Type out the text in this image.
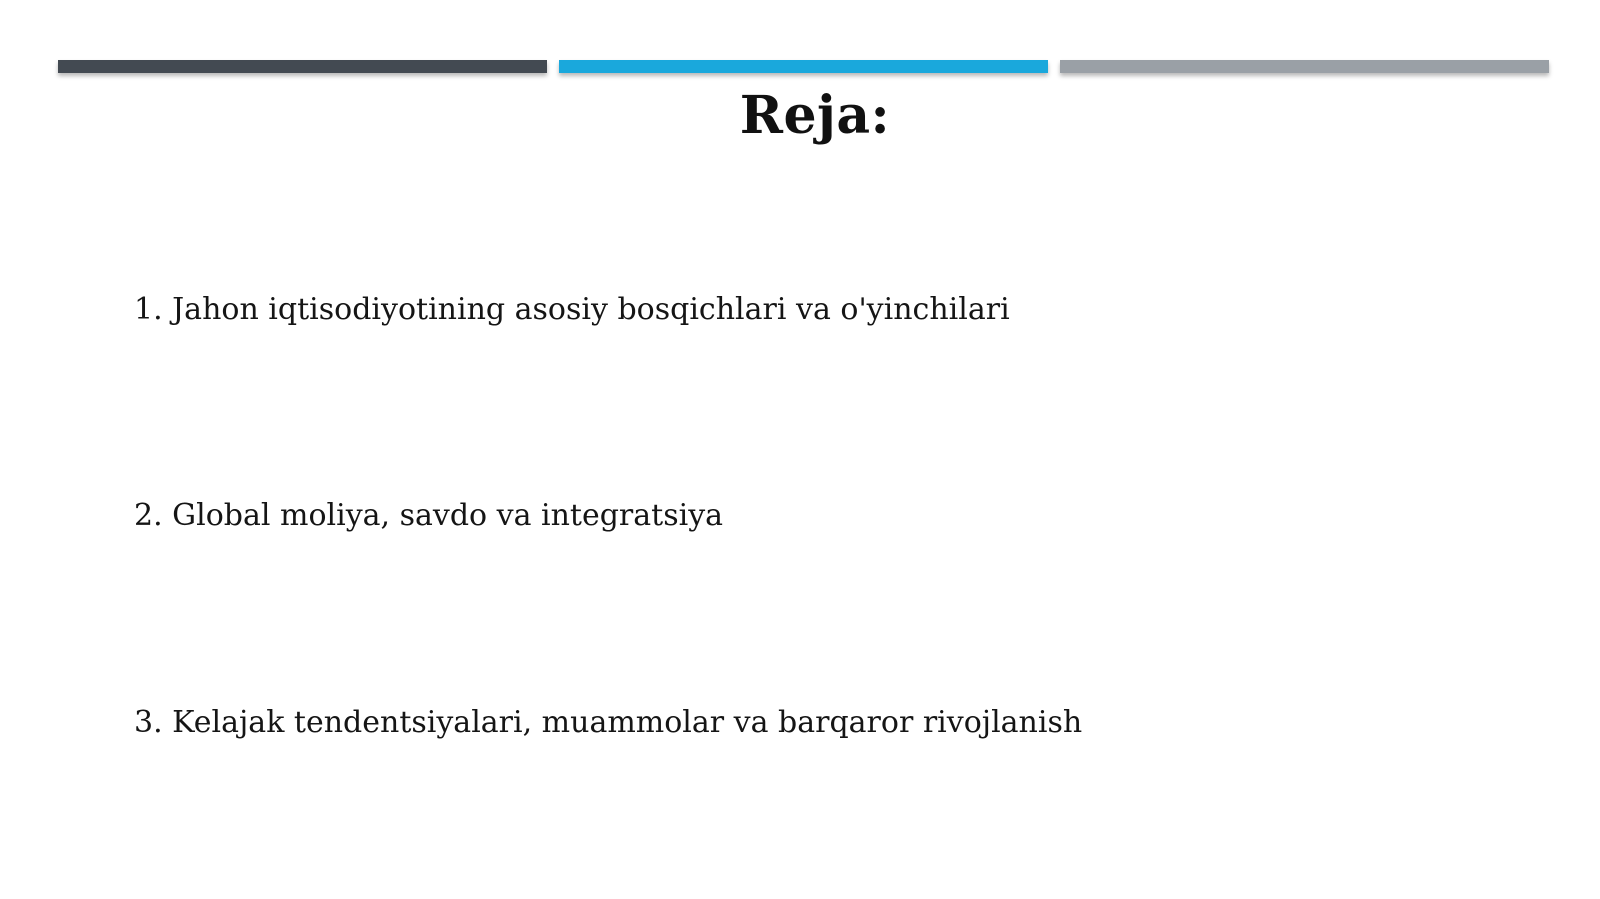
Reja:
1. Jahon iqtisodiyotining asosiy bosqichlari va o'yinchilari
2. Global moliya, savdo va integratsiya
3. Kelajak tendentsiyalari, muammolar va barqaror rivojlanish
